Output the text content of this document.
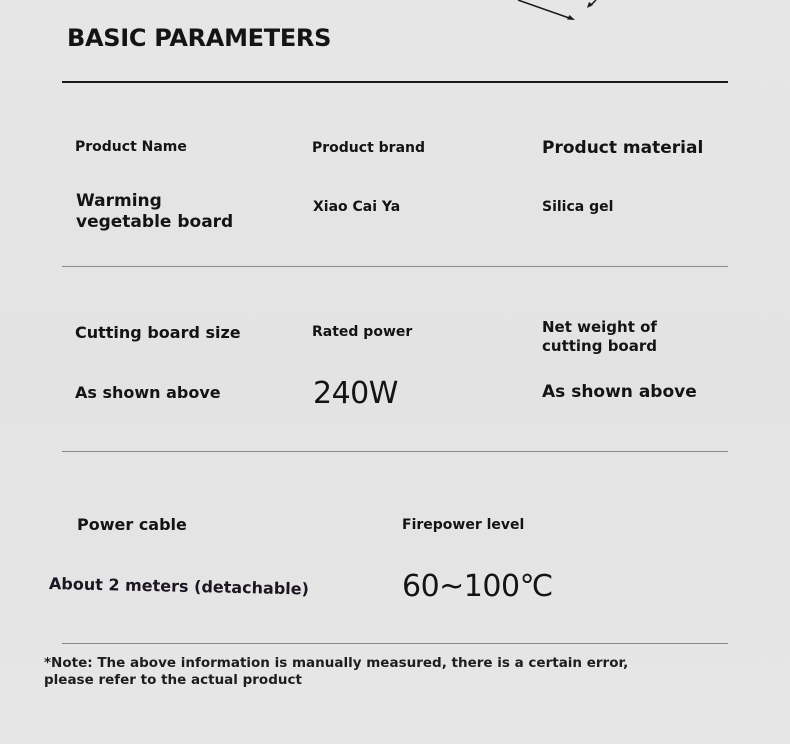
BASIC PARAMETERS
Product Name
Warming vegetable board
Product brand
Xiao Cai Ya
Product material
Silica gel
Cutting board size
As shown above
Rated power
240W
Net weight of cutting board
As shown above
Power cable
About 2 meters (detachable)
Firepower level
60~100℃
*Note: The above information is manually measured, there is a certain error, please refer to the actual product
